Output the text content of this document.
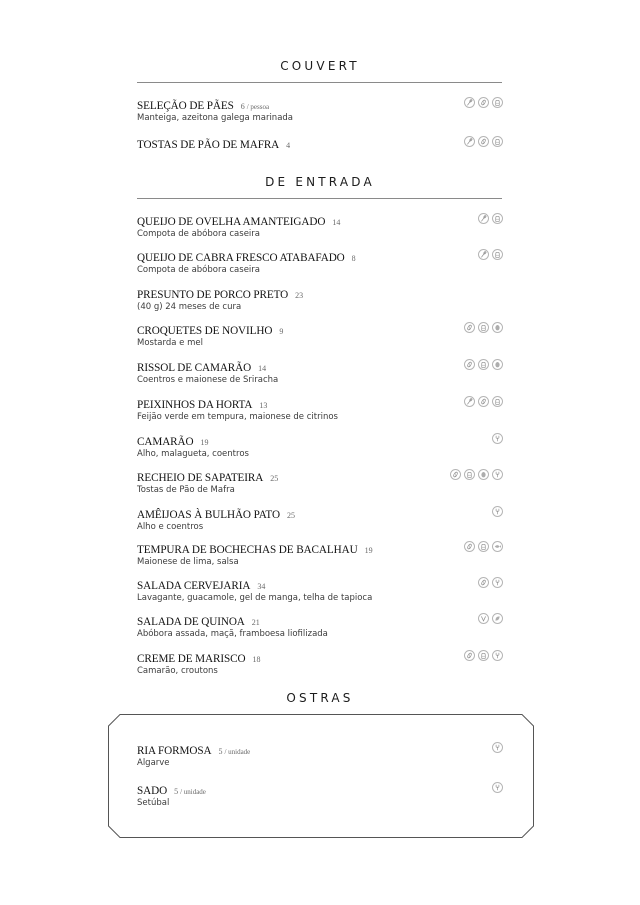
COUVERT
SELEÇÃO DE PÃES 6 / pessoa
Manteiga, azeitona galega marinada
TOSTAS DE PÃO DE MAFRA 4
DE ENTRADA
QUEIJO DE OVELHA AMANTEIGADO 14
Compota de abóbora caseira
QUEIJO DE CABRA FRESCO ATABAFADO 8
Compota de abóbora caseira
PRESUNTO DE PORCO PRETO 23
(40 g) 24 meses de cura
CROQUETES DE NOVILHO 9
Mostarda e mel
RISSOL DE CAMARÃO 14
Coentros e maionese de Sriracha
PEIXINHOS DA HORTA 13
Feijão verde em tempura, maionese de citrinos
CAMARÃO 19
Alho, malagueta, coentros
RECHEIO DE SAPATEIRA 25
Tostas de Pão de Mafra
AMÊIJOAS À BULHÃO PATO 25
Alho e coentros
TEMPURA DE BOCHECHAS DE BACALHAU 19
Maionese de lima, salsa
SALADA CERVEJARIA 34
Lavagante, guacamole, gel de manga, telha de tapioca
SALADA DE QUINOA 21
Abóbora assada, maçã, framboesa liofilizada
CREME DE MARISCO 18
Camarão, croutons
OSTRAS
RIA FORMOSA 5 / unidade
Algarve
SADO 5 / unidade
Setúbal
